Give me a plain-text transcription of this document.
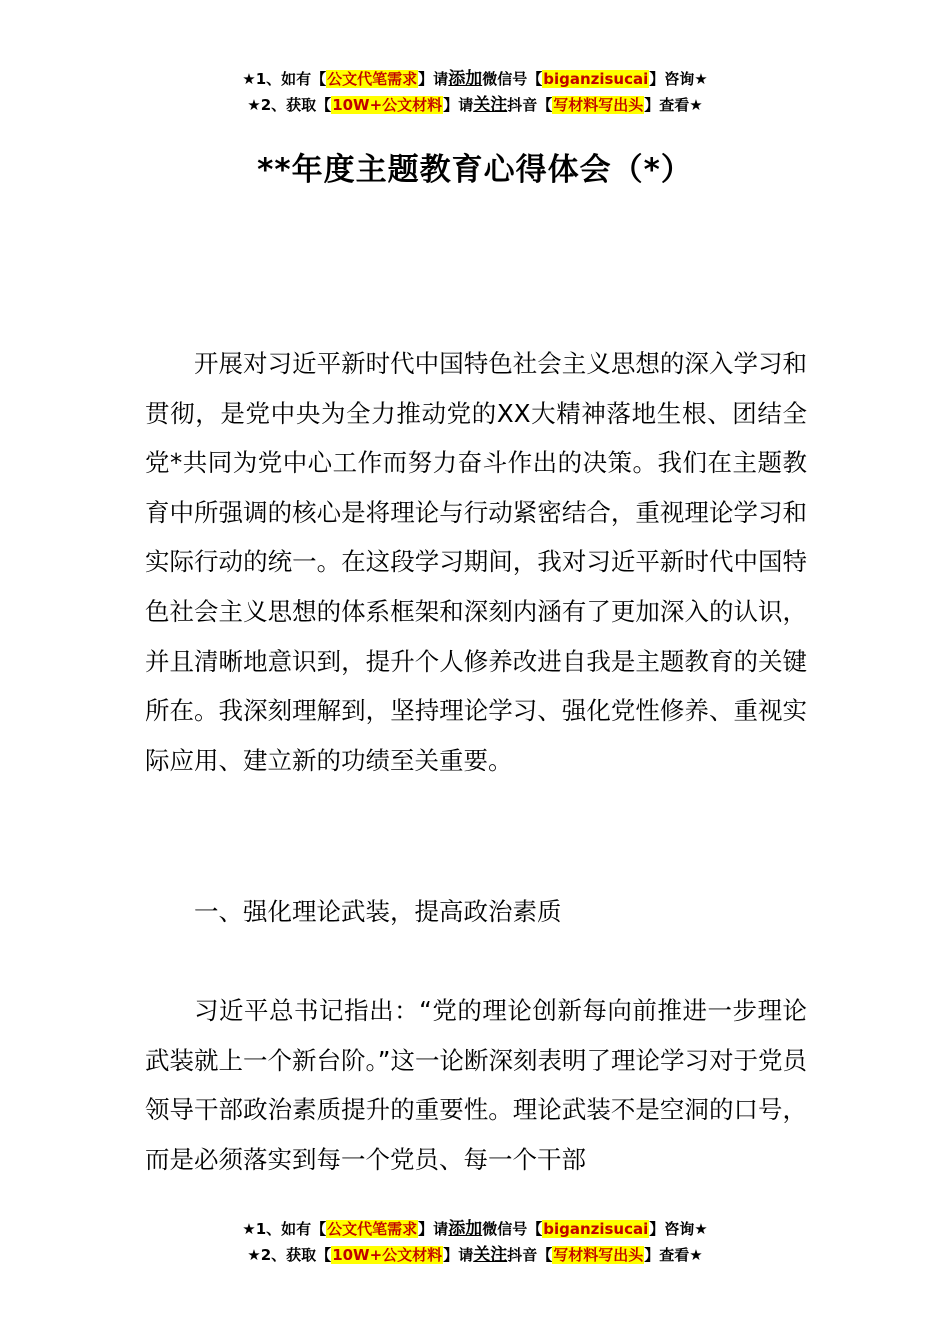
★1、如有【公文代笔需求】请添加微信号【biganzisucai】咨询★
★2、获取【10W+公文材料】请关注抖音【写材料写出头】查看★
**年度主题教育心得体会（*）

开展对习近平新时代中国特色社会主义思想的深入学习和贯彻，是党中央为全力推动党的XX大精神落地生根、团结全党*共同为党中心工作而努力奋斗作出的决策。我们在主题教育中所强调的核心是将理论与行动紧密结合，重视理论学习和实际行动的统一。在这段学习期间，我对习近平新时代中国特色社会主义思想的体系框架和深刻内涵有了更加深入的认识，并且清晰地意识到，提升个人修养改进自我是主题教育的关键所在。我深刻理解到，坚持理论学习、强化党性修养、重视实际应用、建立新的功绩至关重要。

一、强化理论武装，提高政治素质

习近平总书记指出：“党的理论创新每向前推进一步理论武装就上一个新台阶。”这一论断深刻表明了理论学习对于党员领导干部政治素质提升的重要性。理论武装不是空洞的口号，而是必须落实到每一个党员、每一个干部

★1、如有【公文代笔需求】请添加微信号【biganzisucai】咨询★
★2、获取【10W+公文材料】请关注抖音【写材料写出头】查看★
